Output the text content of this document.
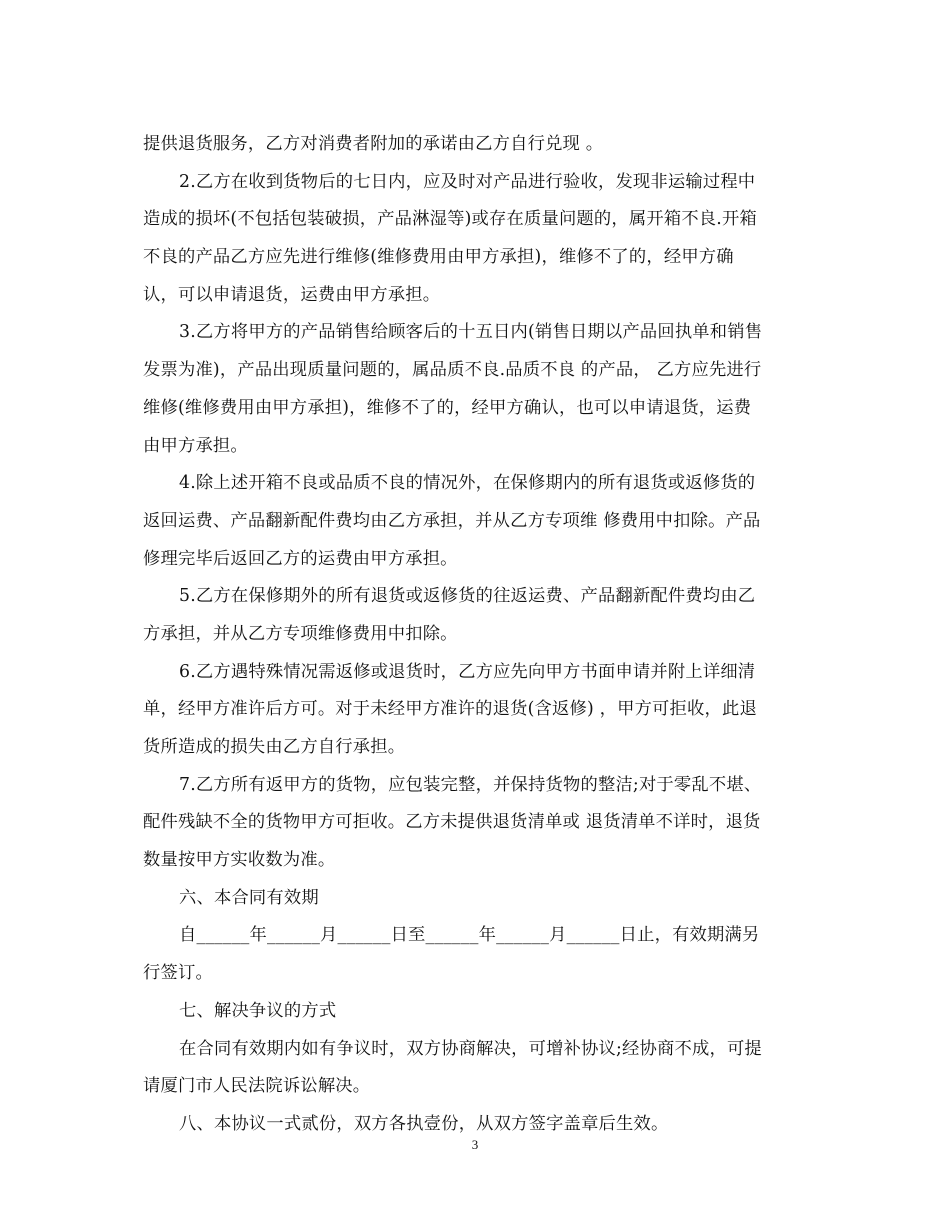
提供退货服务，乙方对消费者附加的承诺由乙方自行兑现 。
2.乙方在收到货物后的七日内，应及时对产品进行验收，发现非运输过程中
造成的损坏(不包括包装破损，产品淋湿等)或存在质量问题的，属开箱不良.开箱
不良的产品乙方应先进行维修(维修费用由甲方承担)，维修不了的，经甲方确
认，可以申请退货，运费由甲方承担。
3.乙方将甲方的产品销售给顾客后的十五日内(销售日期以产品回执单和销售
发票为准)，产品出现质量问题的，属品质不良.品质不良 的产品， 乙方应先进行
维修(维修费用由甲方承担)，维修不了的，经甲方确认，也可以申请退货，运费
由甲方承担。
4.除上述开箱不良或品质不良的情况外，在保修期内的所有退货或返修货的
返回运费、产品翻新配件费均由乙方承担，并从乙方专项维 修费用中扣除。产品
修理完毕后返回乙方的运费由甲方承担。
5.乙方在保修期外的所有退货或返修货的往返运费、产品翻新配件费均由乙
方承担，并从乙方专项维修费用中扣除。
6.乙方遇特殊情况需返修或退货时，乙方应先向甲方书面申请并附上详细清
单，经甲方准许后方可。对于未经甲方准许的退货(含返修) ，甲方可拒收，此退
货所造成的损失由乙方自行承担。
7.乙方所有返甲方的货物，应包装完整，并保持货物的整洁;对于零乱不堪、
配件残缺不全的货物甲方可拒收。乙方未提供退货清单或 退货清单不详时，退货
数量按甲方实收数为准。
六、本合同有效期
自______年______月______日至______年______月______日止，有效期满另
行签订。
七、解决争议的方式
在合同有效期内如有争议时，双方协商解决，可增补协议;经协商不成，可提
请厦门市人民法院诉讼解决。
八、本协议一式贰份，双方各执壹份，从双方签字盖章后生效。
3
